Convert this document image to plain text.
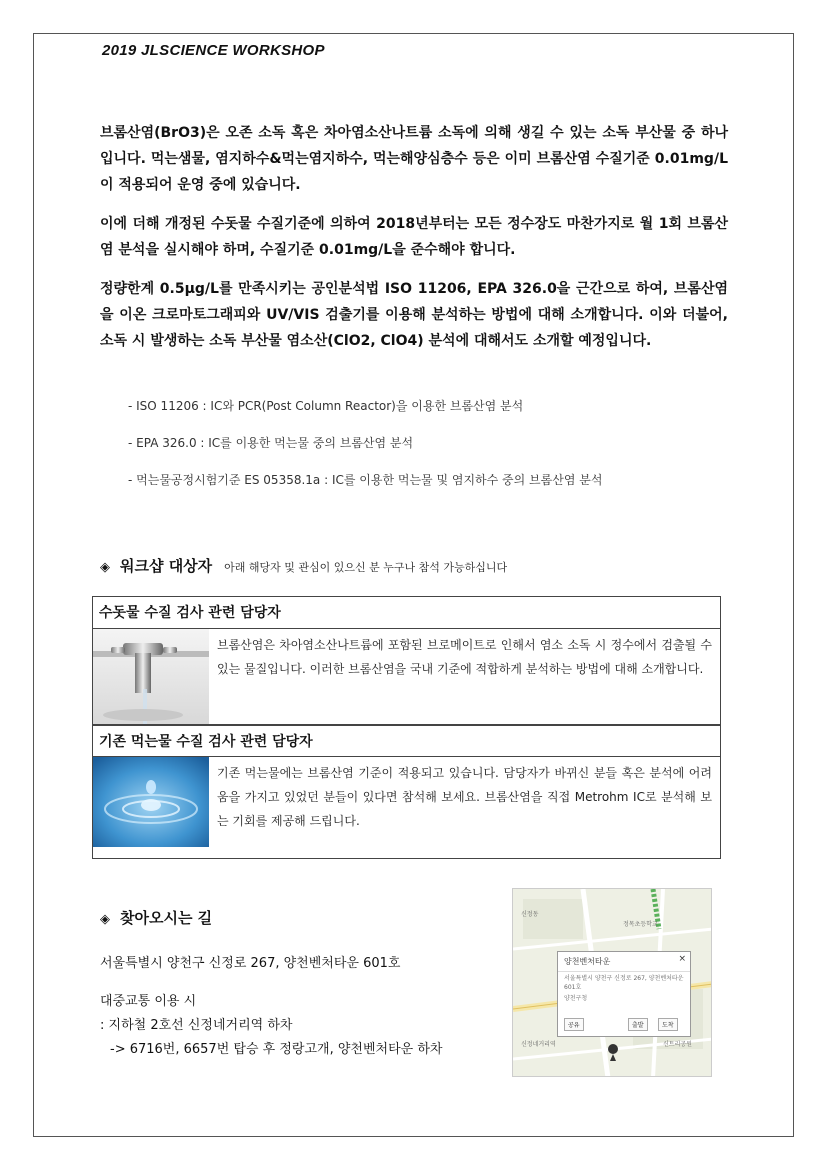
2019 JLSCIENCE WORKSHOP

브롬산염(BrO3)은 오존 소독 혹은 차아염소산나트륨 소독에 의해 생길 수 있는 소독 부산물 중 하나입니다. 먹는샘물, 염지하수&먹는염지하수, 먹는해양심층수 등은 이미 브롬산염 수질기준 0.01mg/L이 적용되어 운영 중에 있습니다.

이에 더해 개정된 수돗물 수질기준에 의하여 2018년부터는 모든 정수장도 마찬가지로 월 1회 브롬산염 분석을 실시해야 하며, 수질기준 0.01mg/L을 준수해야 합니다.

정량한계 0.5μg/L를 만족시키는 공인분석법 ISO 11206, EPA 326.0을 근간으로 하여, 브롬산염을 이온 크로마토그래피와 UV/VIS 검출기를 이용해 분석하는 방법에 대해 소개합니다. 이와 더불어, 소독 시 발생하는 소독 부산물 염소산(ClO2, ClO4) 분석에 대해서도 소개할 예정입니다.

- ISO 11206 : IC와 PCR(Post Column Reactor)을 이용한 브롬산염 분석
- EPA 326.0 : IC를 이용한 먹는물 중의 브롬산염 분석
- 먹는물공정시험기준 ES 05358.1a : IC를 이용한 먹는물 및 염지하수 중의 브롬산염 분석
◈ 워크샵 대상자 아래 해당자 및 관심이 있으신 분 누구나 참석 가능하십니다
수돗물 수질 검사 관련 담당자
브롬산염은 차아염소산나트륨에 포함된 브로메이트로 인해서 염소 소독 시 정수에서 검출될 수 있는 물질입니다. 이러한 브롬산염을 국내 기준에 적합하게 분석하는 방법에 대해 소개합니다.
기존 먹는물 수질 검사 관련 담당자
기존 먹는물에는 브롬산염 기준이 적용되고 있습니다. 담당자가 바뀌신 분들 혹은 분석에 어려움을 가지고 있었던 분들이 있다면 참석해 보세요. 브롬산염을 직접 Metrohm IC로 분석해 보는 기회를 제공해 드립니다.
◈ 찾아오시는 길
서울특별시 양천구 신정로 267, 양천벤처타운 601호
대중교통 이용 시
: 지하철 2호선 신정네거리역 하차
-> 6716번, 6657번 탑승 후 정랑고개, 양천벤처타운 하차
정목초등학교
신트리공원
신정네거리역
신정동
양천벤처타운	×
서울특별시 양천구 신정로 267, 양천벤처타운 601호
양천구청
공유	출발	도착
